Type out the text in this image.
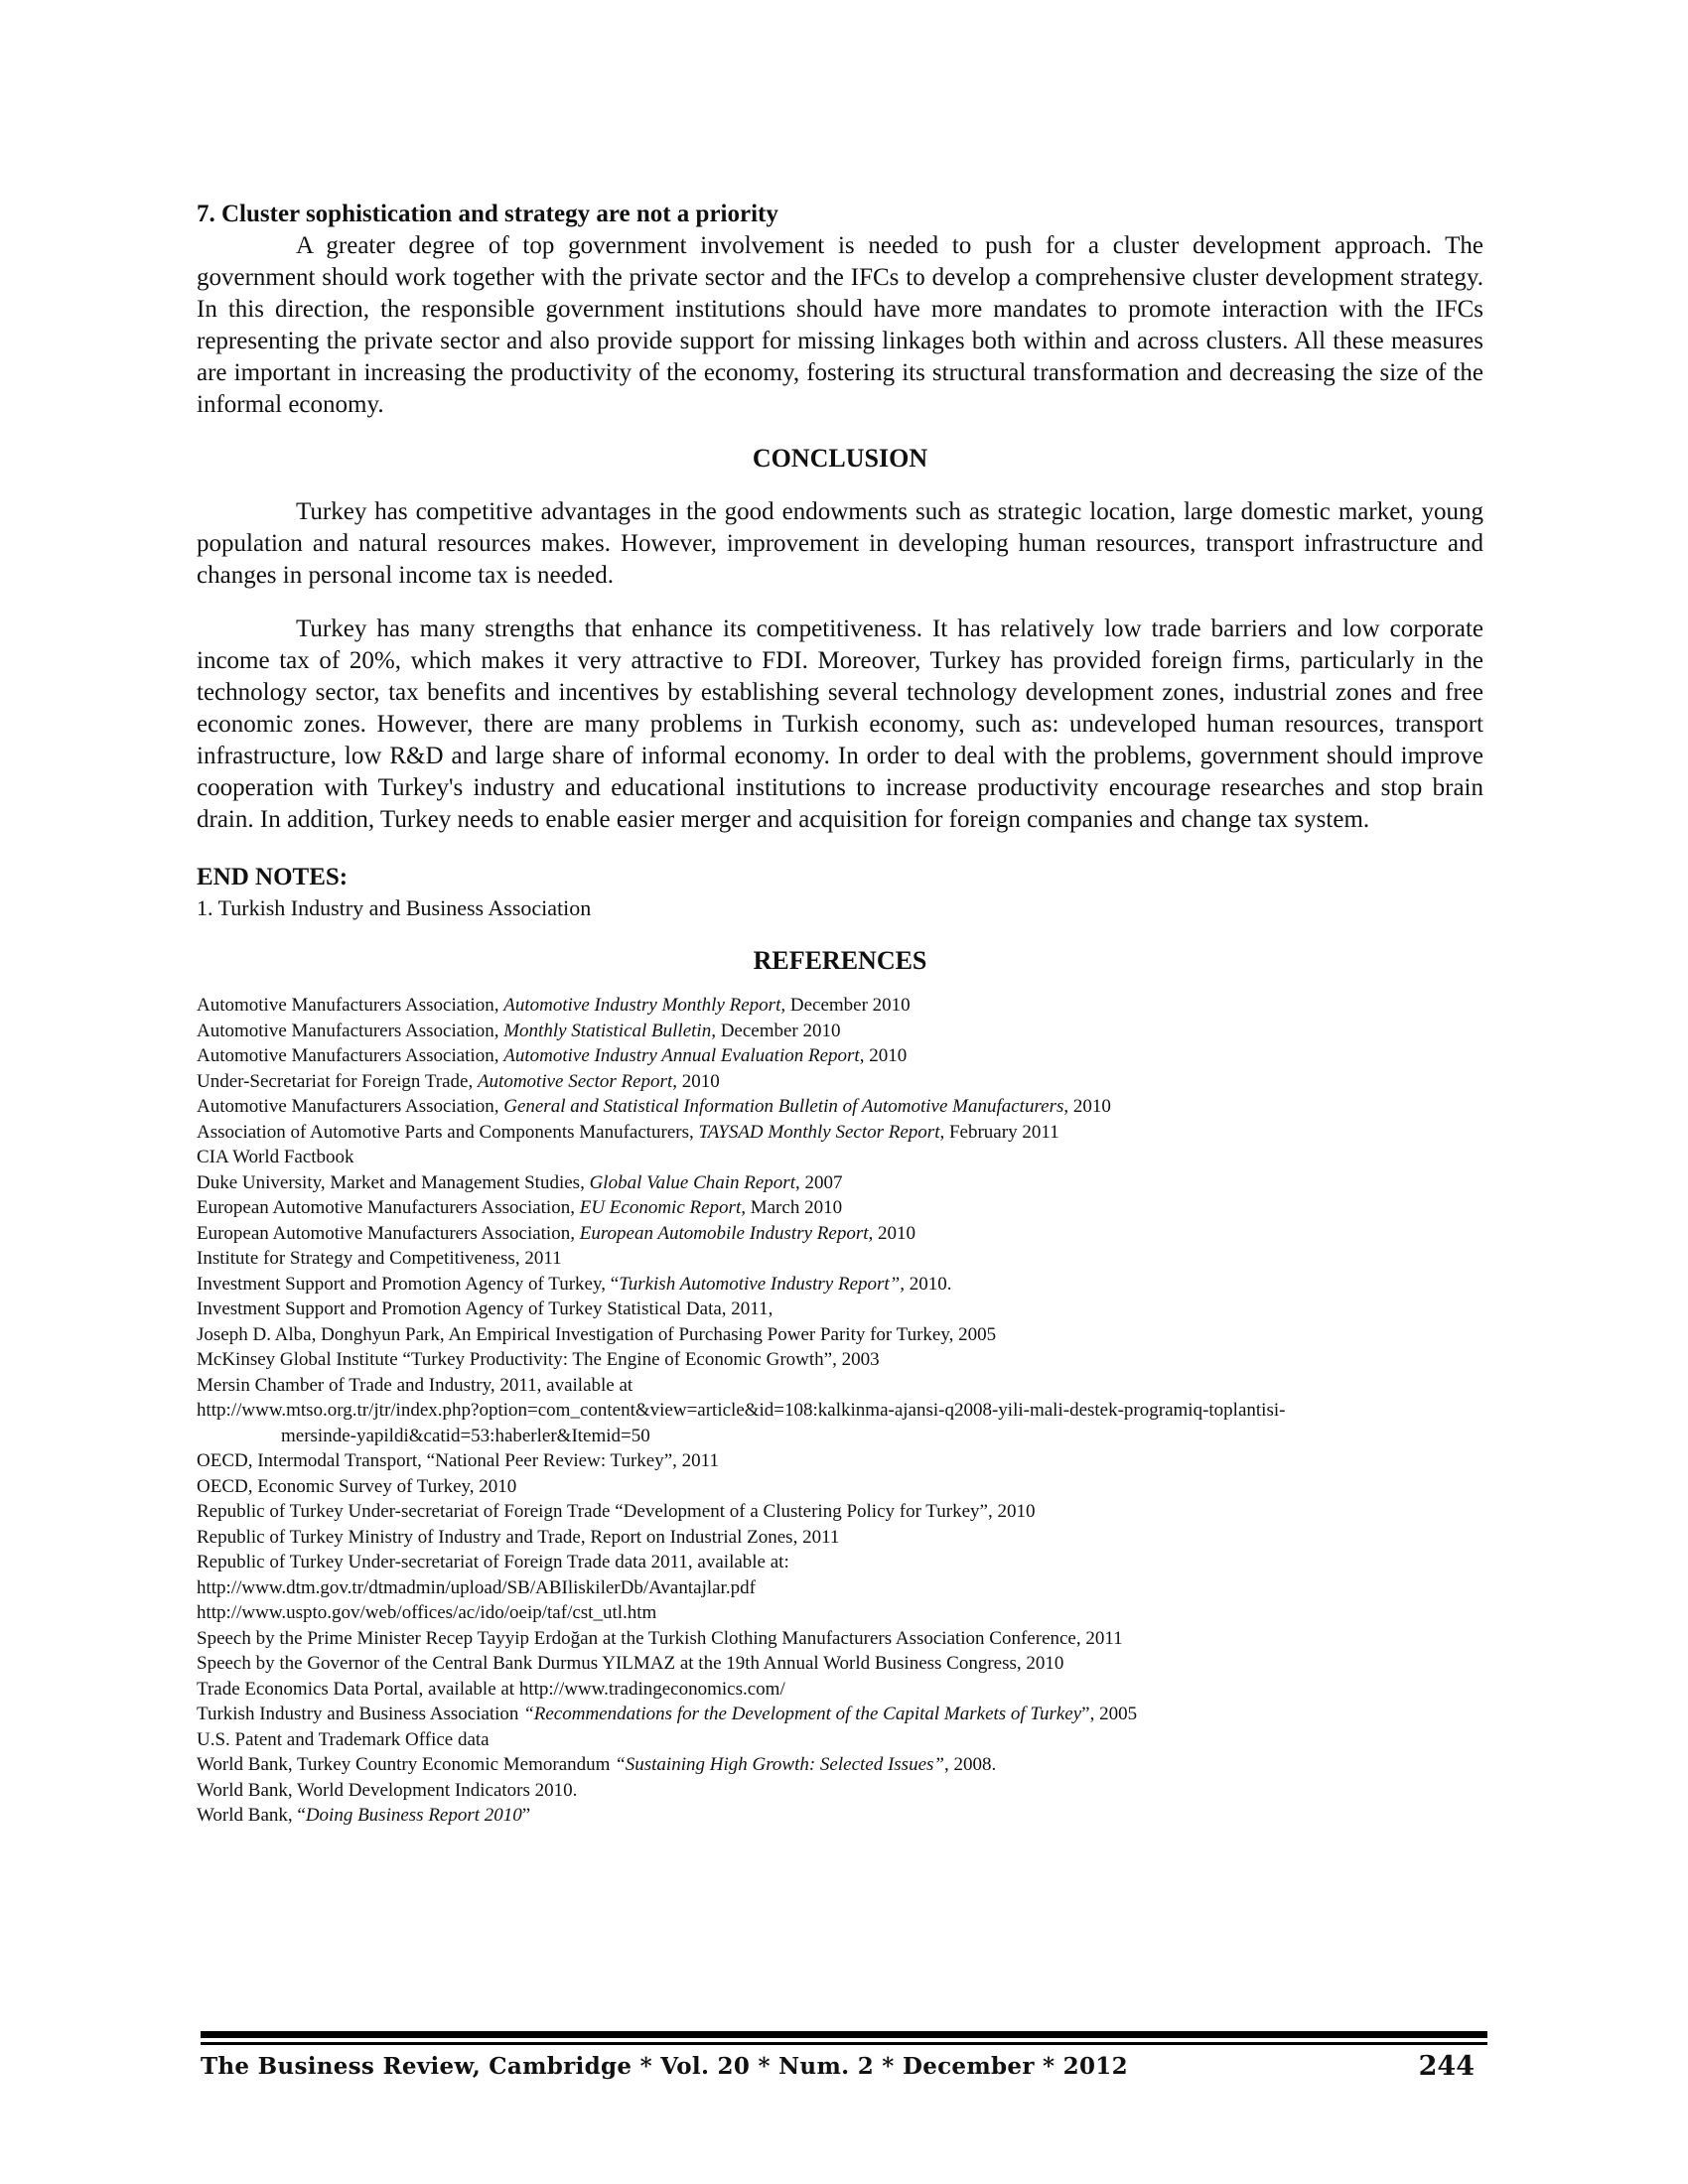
7. Cluster sophistication and strategy are not a priority

A greater degree of top government involvement is needed to push for a cluster development approach. The government should work together with the private sector and the IFCs to develop a comprehensive cluster development strategy. In this direction, the responsible government institutions should have more mandates to promote interaction with the IFCs representing the private sector and also provide support for missing linkages both within and across clusters. All these measures are important in increasing the productivity of the economy, fostering its structural transformation and decreasing the size of the informal economy.

CONCLUSION

Turkey has competitive advantages in the good endowments such as strategic location, large domestic market, young population and natural resources makes. However, improvement in developing human resources, transport infrastructure and changes in personal income tax is needed.

Turkey has many strengths that enhance its competitiveness. It has relatively low trade barriers and low corporate income tax of 20%, which makes it very attractive to FDI. Moreover, Turkey has provided foreign firms, particularly in the technology sector, tax benefits and incentives by establishing several technology development zones, industrial zones and free economic zones. However, there are many problems in Turkish economy, such as: undeveloped human resources, transport infrastructure, low R&D and large share of informal economy. In order to deal with the problems, government should improve cooperation with Turkey's industry and educational institutions to increase productivity encourage researches and stop brain drain. In addition, Turkey needs to enable easier merger and acquisition for foreign companies and change tax system.

END NOTES:

1. Turkish Industry and Business Association

REFERENCES

Automotive Manufacturers Association, Automotive Industry Monthly Report, December 2010
Automotive Manufacturers Association, Monthly Statistical Bulletin, December 2010
Automotive Manufacturers Association, Automotive Industry Annual Evaluation Report, 2010
Under-Secretariat for Foreign Trade, Automotive Sector Report, 2010
Automotive Manufacturers Association, General and Statistical Information Bulletin of Automotive Manufacturers, 2010
Association of Automotive Parts and Components Manufacturers, TAYSAD Monthly Sector Report, February 2011
CIA World Factbook
Duke University, Market and Management Studies, Global Value Chain Report, 2007
European Automotive Manufacturers Association, EU Economic Report, March 2010
European Automotive Manufacturers Association, European Automobile Industry Report, 2010
Institute for Strategy and Competitiveness, 2011
Investment Support and Promotion Agency of Turkey, “Turkish Automotive Industry Report”, 2010.
Investment Support and Promotion Agency of Turkey Statistical Data, 2011,
Joseph D. Alba, Donghyun Park, An Empirical Investigation of Purchasing Power Parity for Turkey, 2005
McKinsey Global Institute “Turkey Productivity: The Engine of Economic Growth”, 2003
Mersin Chamber of Trade and Industry, 2011, available at
http://www.mtso.org.tr/jtr/index.php?option=com_content&view=article&id=108:kalkinma-ajansi-q2008-yili-mali-destek-programiq-toplantisi-
mersinde-yapildi&catid=53:haberler&Itemid=50
OECD, Intermodal Transport, “National Peer Review: Turkey”, 2011
OECD, Economic Survey of Turkey, 2010
Republic of Turkey Under-secretariat of Foreign Trade “Development of a Clustering Policy for Turkey”, 2010
Republic of Turkey Ministry of Industry and Trade, Report on Industrial Zones, 2011
Republic of Turkey Under-secretariat of Foreign Trade data 2011, available at:
http://www.dtm.gov.tr/dtmadmin/upload/SB/ABIliskilerDb/Avantajlar.pdf
http://www.uspto.gov/web/offices/ac/ido/oeip/taf/cst_utl.htm
Speech by the Prime Minister Recep Tayyip Erdoğan at the Turkish Clothing Manufacturers Association Conference, 2011
Speech by the Governor of the Central Bank Durmus YILMAZ at the 19th Annual World Business Congress, 2010
Trade Economics Data Portal, available at http://www.tradingeconomics.com/
Turkish Industry and Business Association “Recommendations for the Development of the Capital Markets of Turkey”, 2005
U.S. Patent and Trademark Office data
World Bank, Turkey Country Economic Memorandum “Sustaining High Growth: Selected Issues”, 2008.
World Bank, World Development Indicators 2010.
World Bank, “Doing Business Report 2010”
The Business Review, Cambridge * Vol. 20 * Num. 2 * December * 2012	244
